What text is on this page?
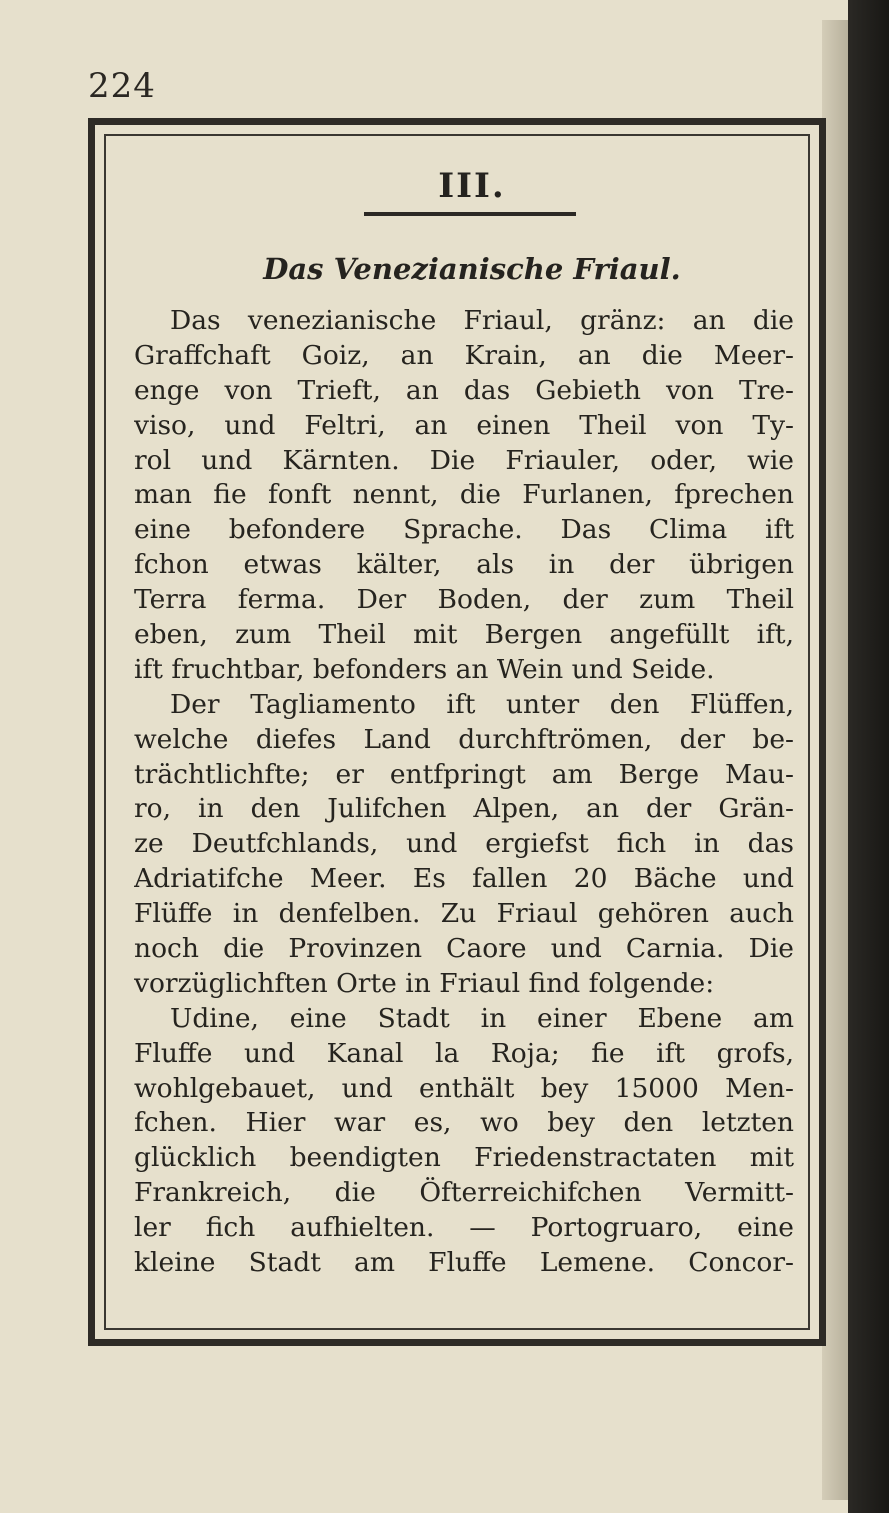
224
III.
Das Venezianische Friaul.
Das venezianische Friaul, gränz: an die
Graffchaft Goiz, an Krain, an die Meer-
enge von Trieft, an das Gebieth von Tre-
viso, und Feltri, an einen Theil von Ty-
rol und Kärnten. Die Friauler, oder, wie
man fie fonft nennt, die Furlanen, fprechen
eine befondere Sprache. Das Clima ift
fchon etwas kälter, als in der übrigen
Terra ferma. Der Boden, der zum Theil
eben, zum Theil mit Bergen angefüllt ift,
ift fruchtbar, befonders an Wein und Seide.
Der Tagliamento ift unter den Flüffen,
welche diefes Land durchftrömen, der be-
trächtlichfte; er entfpringt am Berge Mau-
ro, in den Julifchen Alpen, an der Grän-
ze Deutfchlands, und ergiefst fich in das
Adriatifche Meer. Es fallen 20 Bäche und
Flüffe in denfelben. Zu Friaul gehören auch
noch die Provinzen Caore und Carnia. Die
vorzüglichften Orte in Friaul find folgende:
Udine, eine Stadt in einer Ebene am
Fluffe und Kanal la Roja; fie ift grofs,
wohlgebauet, und enthält bey 15000 Men-
fchen. Hier war es, wo bey den letzten
glücklich beendigten Friedenstractaten mit
Frankreich, die Öfterreichifchen Vermitt-
ler fich aufhielten. — Portogruaro, eine
kleine Stadt am Fluffe Lemene. Concor-
